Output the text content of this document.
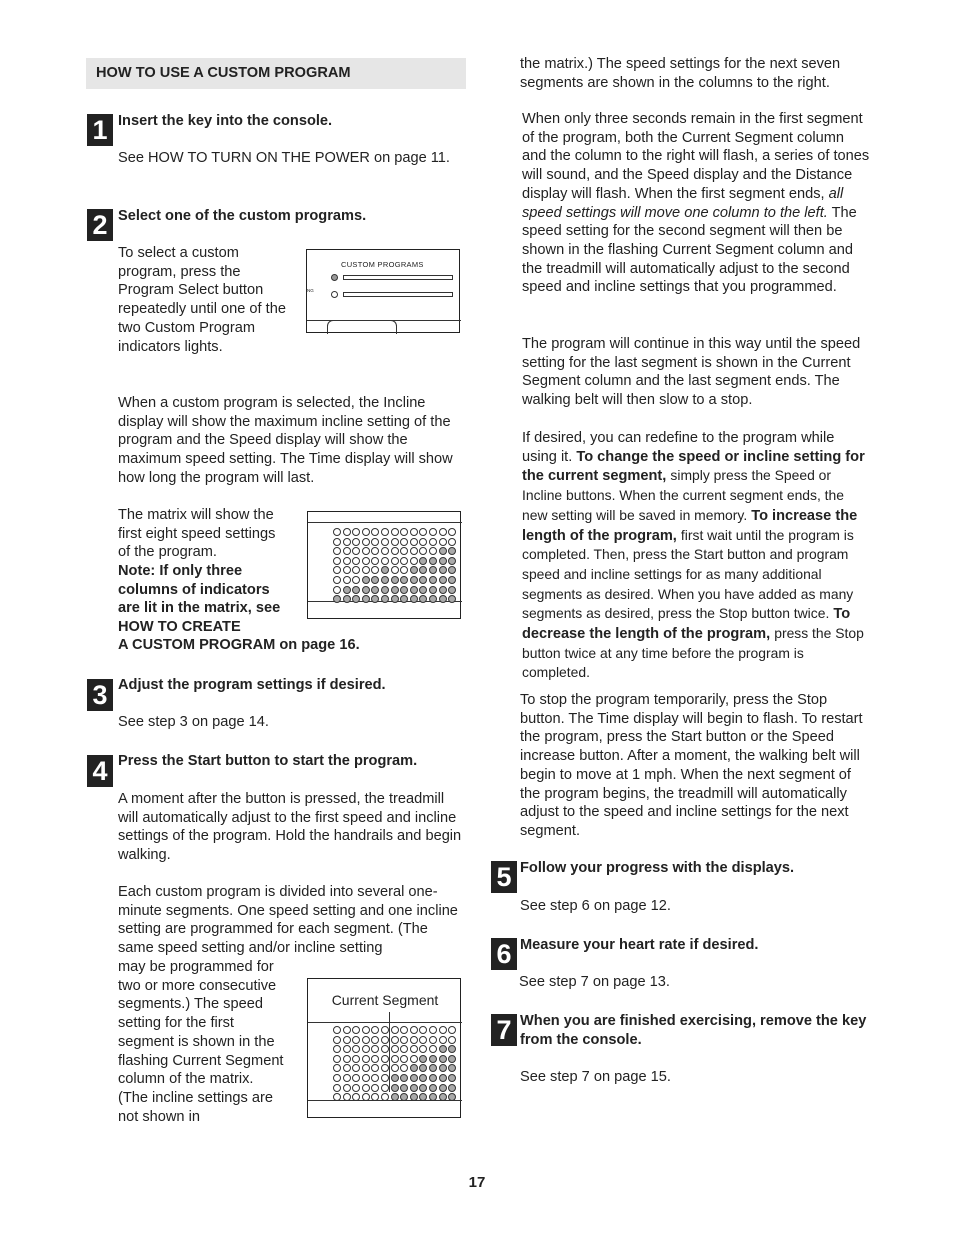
HOW TO USE A CUSTOM PROGRAM
1 Insert the key into the console.

See HOW TO TURN ON THE POWER on page 11.

2 Select one of the custom programs.

To select a custom program, press the Program Select button repeatedly until one of the two Custom Program indicators lights.

CUSTOM PROGRAMS
NG

When a custom program is selected, the Incline display will show the maximum incline setting of the program and the Speed display will show the maximum speed setting. The Time display will show how long the program will last.

The matrix will show the first eight speed settings of the program.

Note: If only three columns of indicators are lit in the matrix, see HOW TO CREATE

A CUSTOM PROGRAM on page 16.

3 Adjust the program settings if desired.

See step 3 on page 14.

4 Press the Start button to start the program.

A moment after the button is pressed, the treadmill will automatically adjust to the first speed and incline settings of the program. Hold the handrails and begin walking.

Each custom program is divided into several one-minute segments. One speed setting and one incline setting are programmed for each segment. (The same speed setting and/or incline setting

may be programmed for two or more consecutive segments.) The speed setting for the first segment is shown in the flashing Current Segment column of the matrix. (The incline settings are not shown in

Current Segment

the matrix.) The speed settings for the next seven segments are shown in the columns to the right.

When only three seconds remain in the first segment of the program, both the Current Segment column and the column to the right will flash, a series of tones will sound, and the Speed display and the Distance display will flash. When the first segment ends, all speed settings will move one column to the left. The speed setting for the second segment will then be shown in the flashing Current Segment column and the treadmill will automatically adjust to the second speed and incline settings that you programmed.

The program will continue in this way until the speed setting for the last segment is shown in the Current Segment column and the last segment ends. The walking belt will then slow to a stop.

If desired, you can redefine to the program while using it. To change the speed or incline setting for the current segment, simply press the Speed or Incline buttons. When the current segment ends, the new setting will be saved in memory. To increase the length of the program, first wait until the program is completed. Then, press the Start button and program speed and incline settings for as many additional segments as desired. When you have added as many segments as desired, press the Stop button twice. To decrease the length of the program, press the Stop button twice at any time before the program is completed.

To stop the program temporarily, press the Stop button. The Time display will begin to flash. To restart the program, press the Start button or the Speed increase button. After a moment, the walking belt will begin to move at 1 mph. When the next segment of the program begins, the treadmill will automatically adjust to the speed and incline settings for the next segment.

5 Follow your progress with the displays.

See step 6 on page 12.

6 Measure your heart rate if desired.

See step 7 on page 13.

7 When you are finished exercising, remove the key from the console.

See step 7 on page 15.

17
